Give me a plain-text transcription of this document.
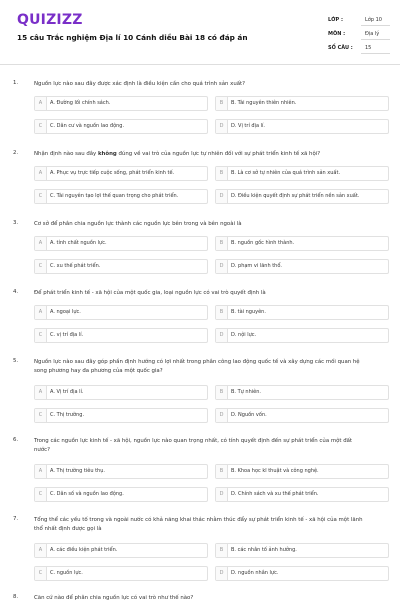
QUIZIZZ
15 câu Trắc nghiệm Địa lí 10 Cánh diều Bài 18 có đáp án
LỚP :	Lớp 10
MÔN :	Địa lý
SỐ CÂU : 15
1.	Nguồn lực nào sau đây được xác định là điều kiện cần cho quá trình sản xuất?
A	A. Đường lối chính sách.	B	B. Tài nguyên thiên nhiên.
C	C. Dân cư và nguồn lao động.	D	D. Vị trí địa lí.
2.	Nhận định nào sau đây không đúng về vai trò của nguồn lực tự nhiên đối với sự phát triển kinh tế xã hội?
A	A. Phục vụ trực tiếp cuộc sống, phát triển kinh tế.	B	B. Là cơ sở tự nhiên của quá trình sản xuất.
C	C. Tài nguyên tạo lợi thế quan trọng cho phát triển.	D	D. Điều kiện quyết định sự phát triển nền sản xuất.
3.	Cơ sở để phân chia nguồn lực thành các nguồn lực bên trong và bên ngoài là
A	A. tính chất nguồn lực.	B	B. nguồn gốc hình thành.
C	C. xu thế phát triển.	D	D. phạm vi lãnh thổ.
4.	Để phát triển kinh tế - xã hội của một quốc gia, loại nguồn lực có vai trò quyết định là
A	A. ngoại lực.	B	B. tài nguyên.
C	C. vị trí địa lí.	D	D. nội lực.
5.	Nguồn lực nào sau đây góp phần định hướng có lợi nhất trong phân công lao động quốc tế và xây dựng các mối quan hệ song phương hay đa phương của một quốc gia?
A	A. Vị trí địa lí.	B	B. Tự nhiên.
C	C. Thị trường.	D	D. Nguồn vốn.
6.	Trong các nguồn lực kinh tế - xã hội, nguồn lực nào quan trọng nhất, có tính quyết định đến sự phát triển của một đất nước?
A	A. Thị trường tiêu thụ.	B	B. Khoa học kĩ thuật và công nghệ.
C	C. Dân số và nguồn lao động.	D	D. Chính sách và xu thế phát triển.
7.	Tổng thể các yếu tố trong và ngoài nước có khả năng khai thác nhằm thúc đẩy sự phát triển kinh tế - xã hội của một lãnh thổ nhất định được gọi là
A	A. các điều kiện phát triển.	B	B. các nhân tố ảnh hưởng.
C	C. nguồn lực.	D	D. nguồn nhân lực.
8.	Căn cứ nào để phân chia nguồn lực có vai trò như thế nào?
